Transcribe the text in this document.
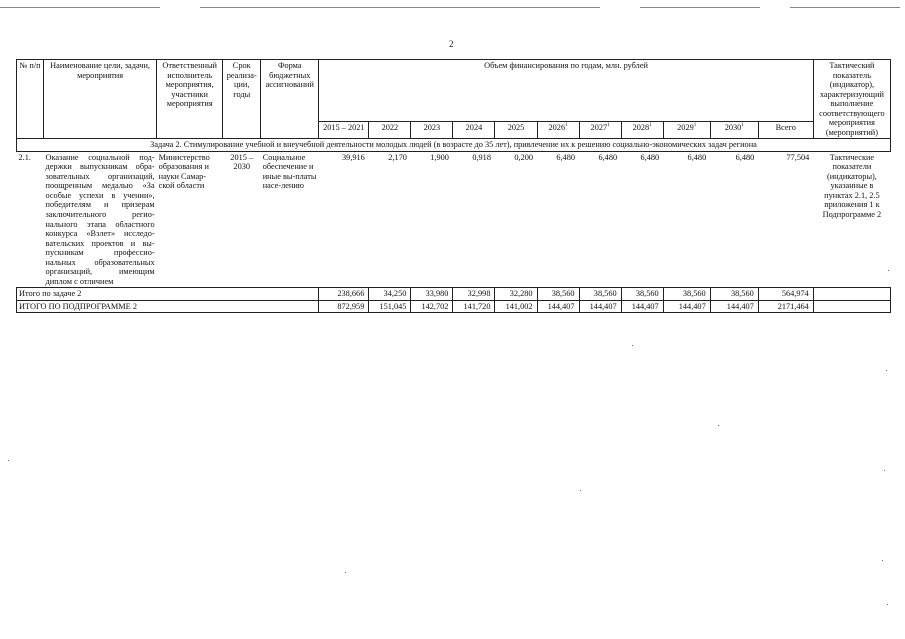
2
№ п/п	Наименование цели, задачи, мероприятия	Ответственный исполнитель мероприятия, участники мероприятия	Срок реализа-ции, годы	Форма бюджетных ассигнований	Объем финансирования по годам, млн. рублей											Тактический показатель (индикатор), характеризующий выполнение соответствующего мероприятия (мероприятий)
					2015 – 2021	2022	2023	2024	2025	2026$^1$	2027$^1$	2028$^1$	2029$^1$	2030$^1$	Всего	
Задача 2. Стимулирование учебной и внеучебной деятельности молодых людей (в возрасте до 35 лет), привлечение их к решению социально-экономических задач региона																
2.1.	Оказание социальной под-держки выпускникам обра-зовательных организаций, поощренным медалью «За особые успехи в учении», победителям и призерам заключительного регио-нального этапа областного конкурса «Взлет» исследо-вательских проектов и вы-пускникам профессио-нальных образовательных организаций, имеющим диплом с отличием	Министерство образования и науки Самар-ской области	2015 – 2030	Социальное обеспечение и иные вы-платы насе-лению	39,916	2,170	1,900	0,918	0,200	6,480	6,480	6,480	6,480	6,480	77,504	Тактические показатели (индикаторы), указанные в пунктах 2.1, 2.5 приложения 1 к Подпрограмме 2
Итого по задаче 2					238,666	34,250	33,980	32,998	32,280	38,560	38,560	38,560	38,560	38,560	564,974	
ИТОГО ПО ПОДПРОГРАММЕ 2					872,959	151,045	142,702	141,720	141,002	144,407	144,407	144,407	144,407	144,407	2171,464	
